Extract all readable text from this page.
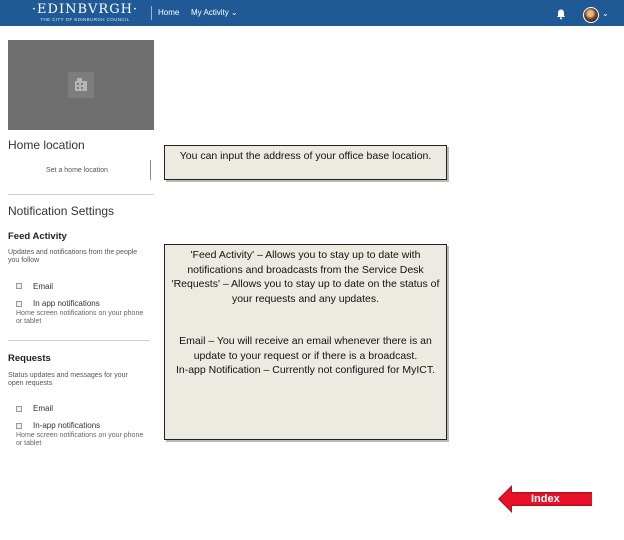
·EDINBVRGH·
THE CITY OF EDINBURGH COUNCIL
Home My Activity ⌄	⌄
Home location
Set a home location
Notification Settings
Feed Activity
Updates and notifications from the people you follow
Email
In app notifications
Home screen notifications on your phone or tablet
Requests
Status updates and messages for your open requests
Email
In-app notifications
Home screen notifications on your phone or tablet

You can input the address of your office base location.

'Feed Activity' – Allows you to stay up to date with notifications and broadcasts from the Service Desk

'Requests' – Allows you to stay up to date on the status of your requests and any updates.

Email – You will receive an email whenever there is an update to your request or if there is a broadcast.

In-app Notification – Currently not configured for MyICT.

Index
